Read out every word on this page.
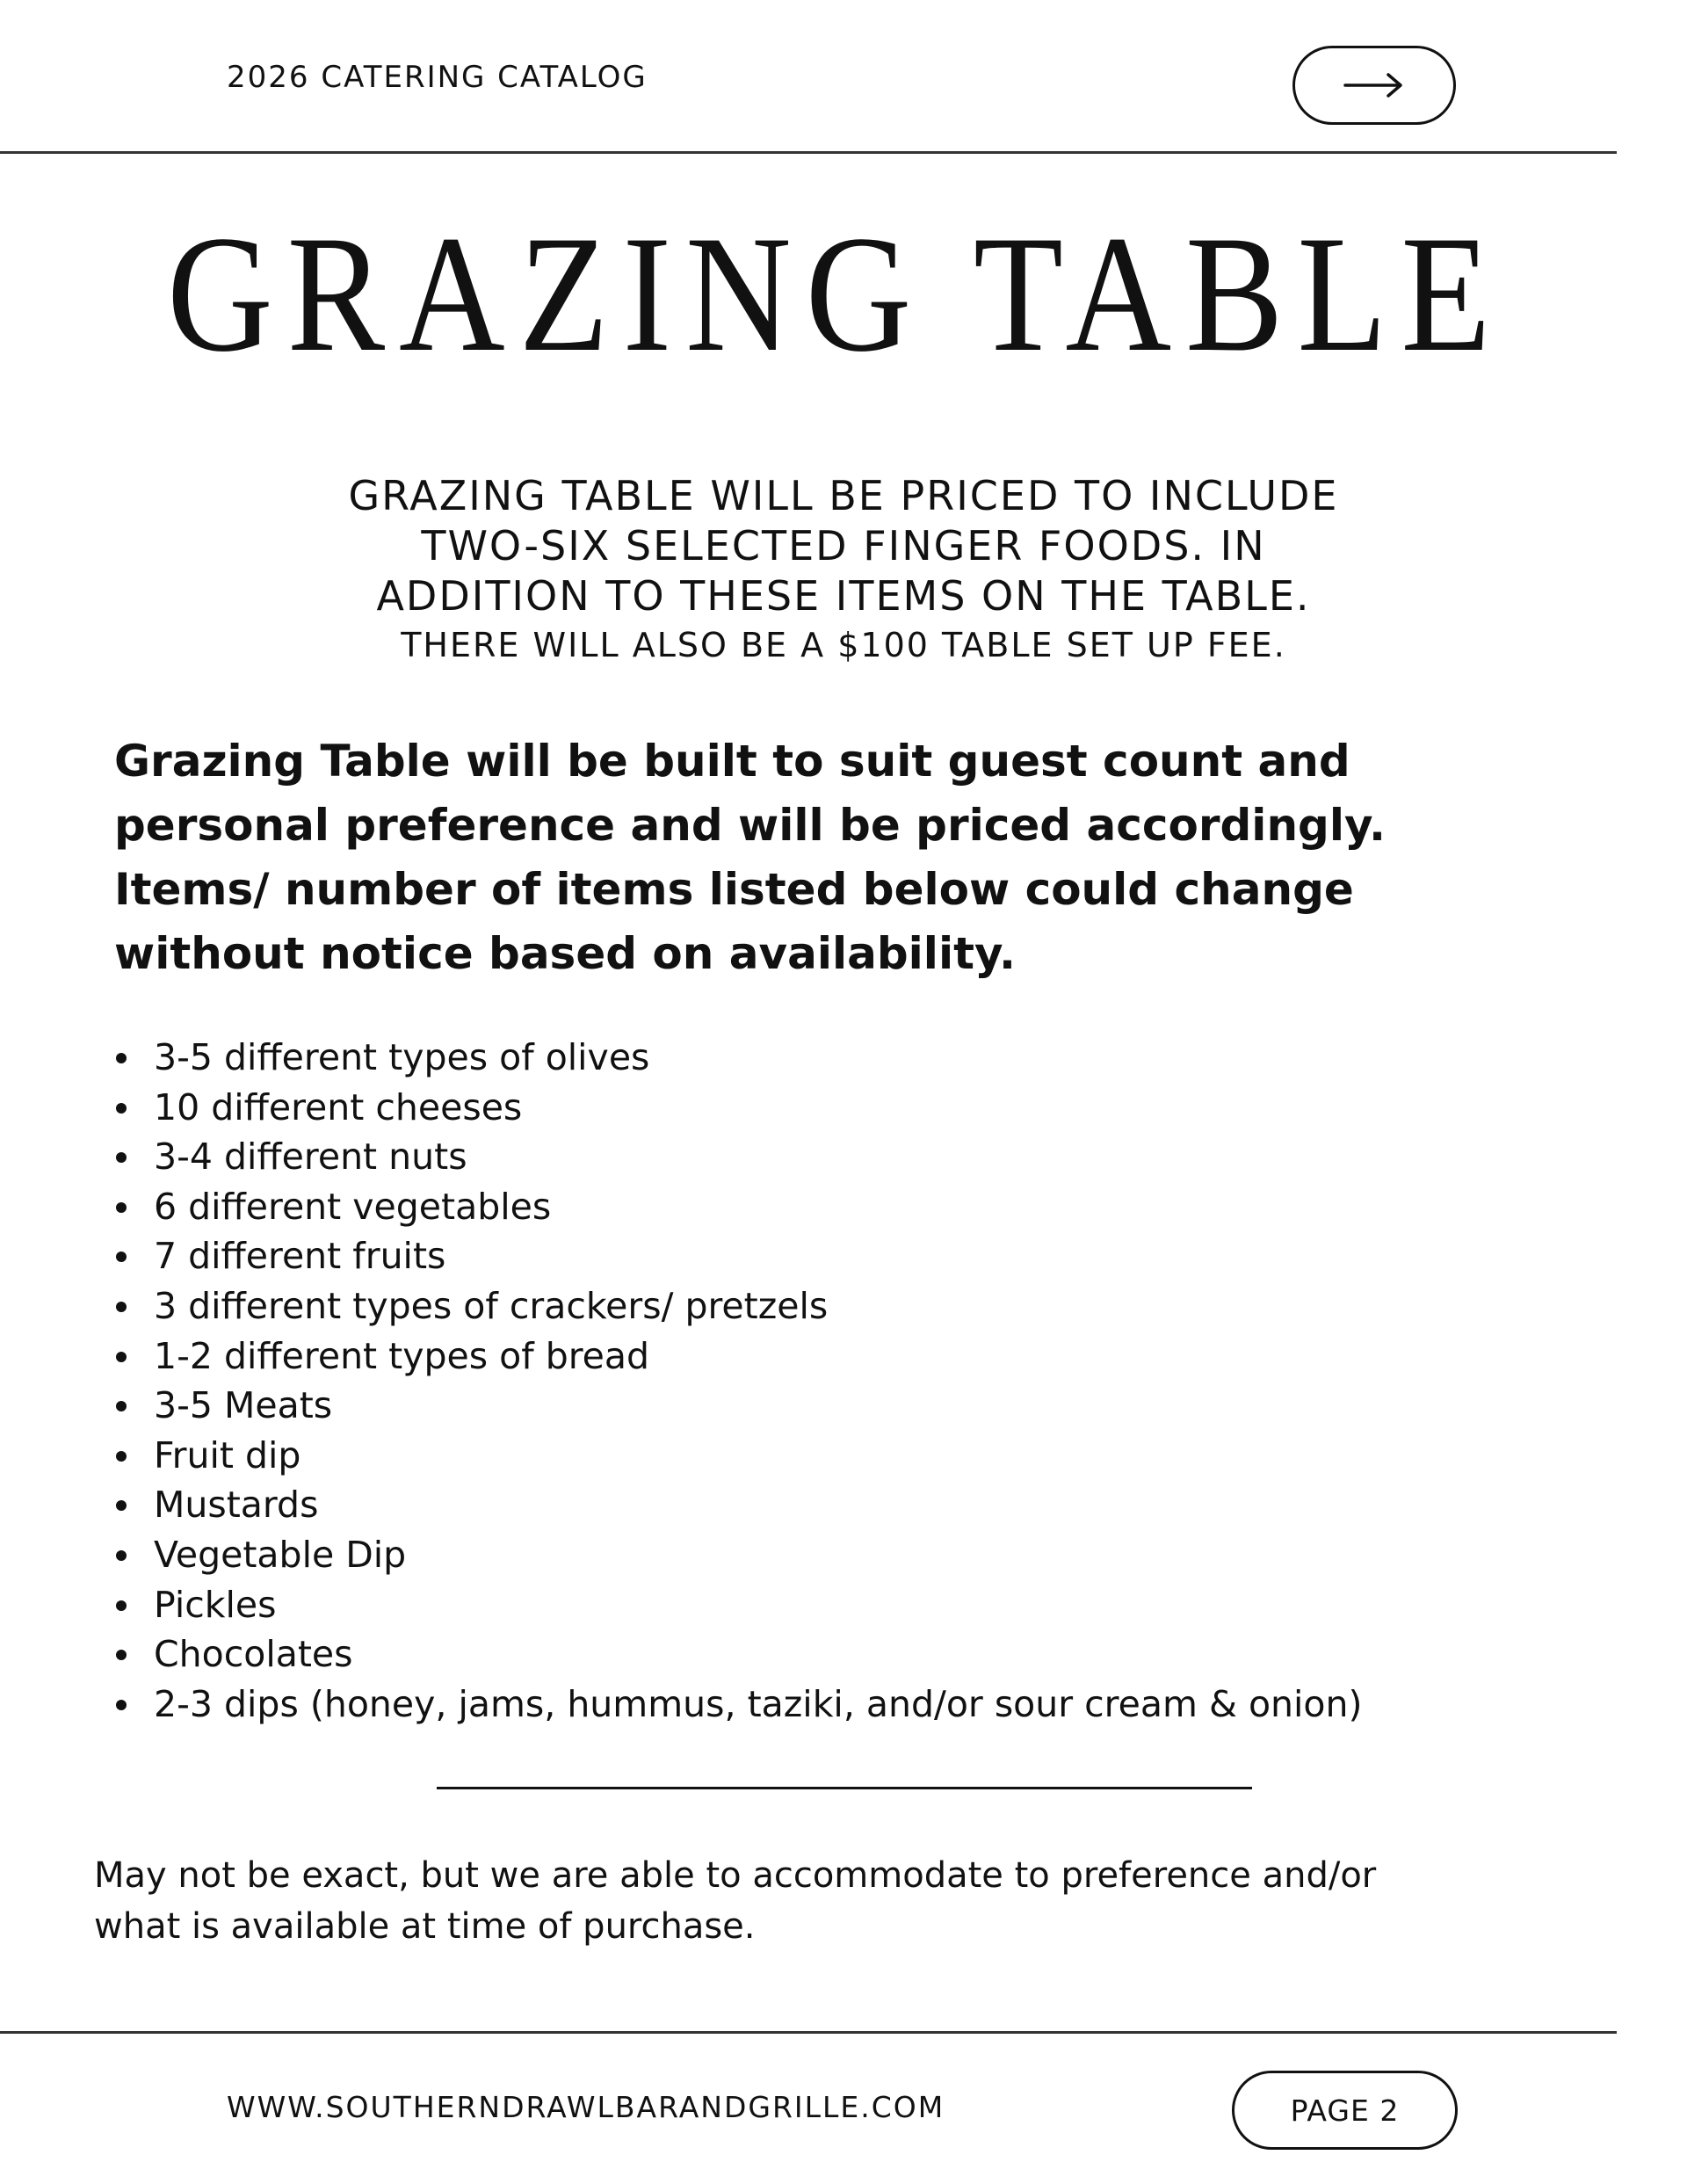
2026 CATERING CATALOG
GRAZING TABLE
GRAZING TABLE WILL BE PRICED TO INCLUDE
TWO-SIX SELECTED FINGER FOODS. IN
ADDITION TO THESE ITEMS ON THE TABLE.
THERE WILL ALSO BE A $100 TABLE SET UP FEE.
Grazing Table will be built to suit guest count and
personal preference and will be priced accordingly.
Items/ number of items listed below could change
without notice based on availability.
3-5 different types of olives
10 different cheeses
3-4 different nuts
6 different vegetables
7 different fruits
3 different types of crackers/ pretzels
1-2 different types of bread
3-5 Meats
Fruit dip
Mustards
Vegetable Dip
Pickles
Chocolates
2-3 dips (honey, jams, hummus, taziki, and/or sour cream & onion)
May not be exact, but we are able to accommodate to preference and/or
what is available at time of purchase.
WWW.SOUTHERNDRAWLBARANDGRILLE.COM	PAGE 2
